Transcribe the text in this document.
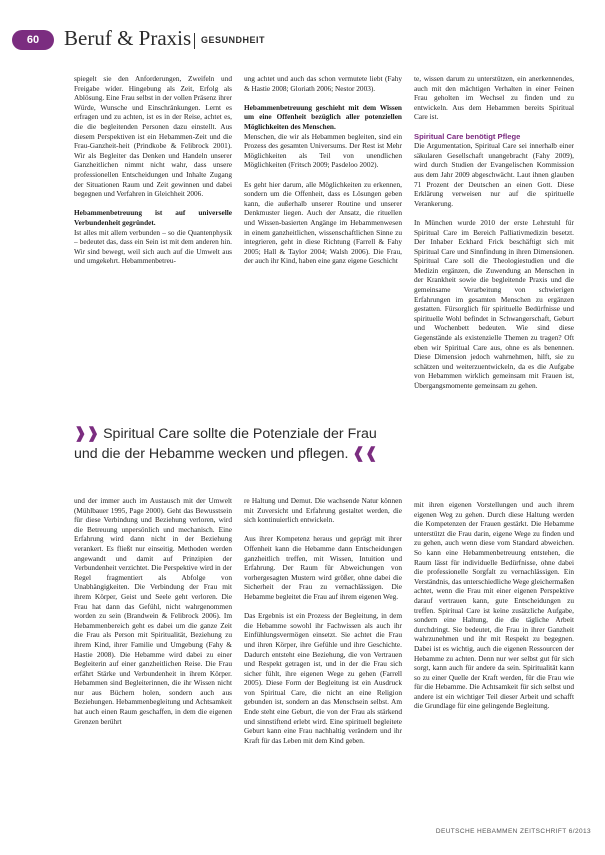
60	Beruf & Praxis GESUNDHEIT

spiegelt sie den Anforderungen, Zweifeln und Freigabe wider. Hingebung als Zeit, Erfolg als Ablösung. Eine Frau selbst in der vollen Präsenz ihrer Würde, Wunsche und Einschränkungen. Lernt es erfragen und zu achten, ist es in der Reise, achtet es, die die begleitenden Personen dazu einstellt. Aus diesem Perspektiven ist ein Hebammen-Zeit und die Frau-Ganzheit-heit (Prindkobe & Felibrock 2001). Wir als Begleiter das Denken und Handeln unserer Ganzheitlichen nimmt nicht wahr, dass unsere professionellen Entscheidungen und Inhalte Zugang der Situationen Raum und Zeit gewinnen und dabei begegnen und Verfahren in Gleichheit 2006.

Hebammenbetreuung ist auf universelle Verbundenheit gegründet.

Ist alles mit allem verbunden – so die Quantenphysik – bedeutet das, dass ein Sein ist mit dem anderen hin. Wir sind bewegt, weil sich auch auf die Umwelt aus und umgekehrt. Hebammenbetreu-

ung achtet und auch das schon vermutete liebt (Fahy & Hastie 2008; Gloriath 2006; Nestor 2003).

Hebammenbetreuung geschieht mit dem Wissen um eine Offenheit bezüglich aller potenziellen Möglichkeiten des Menschen.

Menschen, die wir als Hebammen begleiten, sind ein Prozess des gesamten Universums. Der Rest ist Mehr Möglichkeiten als Teil von unendlichen Möglichkeiten (Fritsch 2009; Pasdeloo 2002).

Es geht hier darum, alle Möglichkeiten zu erkennen, sondern um die Offenheit, dass es Lösungen geben kann, die außerhalb unserer Routine und unserer Denkmuster liegen. Auch der Ansatz, die rituellen und Wissen-basierten Angänge im Hebammenwesen in einem ganzheitlichen, wissenschaftlichen Sinne zu integrieren, geht in diese Richtung (Farrell & Fahy 2005; Hall & Taylor 2004; Walsh 2006). Die Frau, der auch ihr Kind, haben eine ganz eigene Geschicht

te, wissen darum zu unterstützen, ein anerkennendes, auch mit den mächtigen Verhalten in einer Feinen Frau geholten im Wechsel zu finden und zu entwickeln. Aus dem Hebammen bereits Spiritual Care ist.

Spiritual Care benötigt Pflege

Die Argumentation, Spiritual Care sei innerhalb einer säkularen Gesellschaft unangebracht (Fahy 2009), wird durch Studien der Evangelischen Kommission aus dem Jahr 2009 abgeschwächt. Laut ihnen glauben 71 Prozent der Deutschen an einen Gott. Diese Erklärung verweisen nur auf die spirituelle Verankerung.

In München wurde 2010 der erste Lehrstuhl für Spiritual Care im Bereich Palliativmedizin besetzt. Der Inhaber Eckhard Frick beschäftigt sich mit Spiritual Care und Sinnfindung in ihren Dimensionen. Spiritual Care soll die Theologiestudien und die Medizin ergänzen, die Zuwendung an Menschen in der Krankheit sowie die begleitende Praxis und die gemeinsame Verarbeitung von schwierigen Erfahrungen im gesamten Menschen zu ergänzen gestatten. Fürsorglich für spirituelle Bedürfnisse und spirituelle Wohl befindet in Schwangerschaft, Geburt und Wochenbett bedeuten. Wie sind diese Gegenstände als existenzielle Themen zu tragen? Oft eben wir Spiritual Care aus, ohne es als benennen. Diese Dimension jedoch wahrnehmen, hilft, sie zu schätzen und weiterzuentwickeln, da es die Aufgabe von Hebammen wirklich gemeinsam mit Frauen ist, Übergangsmomente gemeinsam zu gehen.

❱❱ Spiritual Care sollte die Potenziale der Frau und die der Hebamme wecken und pflegen. ❰❰

und der immer auch im Austausch mit der Umwelt (Mühlbauer 1995, Page 2000). Geht das Bewusstsein für diese Verbindung und Beziehung verloren, wird die Betreuung unpersönlich und mechanisch. Eine Erfahrung wird dann nicht in der Beziehung verankert. Es fließt nur einseitig. Methoden werden angewandt und damit auf Prinzipien der Verbundenheit verzichtet. Die Perspektive wird in der Regel fragmentiert als Abfolge von Unabhängigkeiten. Die Verbindung der Frau mit ihrem Körper, Geist und Seele geht verloren. Die Frau hat dann das Gefühl, nicht wahrgenommen worden zu sein (Brandwein & Felibrock 2006). Im Hebammenbereich geht es dabei um die ganze Zeit die Frau als Person mit Spiritualität, Beziehung zu ihrem Kind, ihrer Familie und Umgebung (Fahy & Hastie 2008). Die Hebamme wird dabei zu einer Begleiterin auf einer ganzheitlichen Reise. Die Frau erfährt Stärke und Verbundenheit in ihrem Körper. Hebammen sind Begleiterinnen, die ihr Wissen nicht nur aus Büchern holen, sondern auch aus Beziehungen. Hebammenbegleitung und Achtsamkeit hat auch einen Raum geschaffen, in dem die eigenen Grenzen berührt

re Haltung und Demut. Die wachsende Natur können mit Zuversicht und Erfahrung gestaltet werden, die sich kontinuierlich entwickeln.

Aus ihrer Kompetenz heraus und geprägt mit ihrer Offenheit kann die Hebamme dann Entscheidungen ganzheitlich treffen, mit Wissen, Intuition und Erfahrung. Der Raum für Abweichungen von vorhergesagten Mustern wird größer, ohne dabei die Sicherheit der Frau zu vernachlässigen. Die Hebamme begleitet die Frau auf ihrem eigenen Weg.

Das Ergebnis ist ein Prozess der Begleitung, in dem die Hebamme sowohl ihr Fachwissen als auch ihr Einfühlungsvermögen einsetzt. Sie achtet die Frau und ihren Körper, ihre Gefühle und ihre Geschichte. Dadurch entsteht eine Beziehung, die von Vertrauen und Respekt getragen ist, und in der die Frau sich sicher fühlt, ihre eigenen Wege zu gehen (Farrell 2005). Diese Form der Begleitung ist ein Ausdruck von Spiritual Care, die nicht an eine Religion gebunden ist, sondern an das Menschsein selbst. Am Ende steht eine Geburt, die von der Frau als stärkend und sinnstiftend erlebt wird. Eine spirituell begleitete Geburt kann eine Frau nachhaltig verändern und ihr Kraft für das Leben mit dem Kind geben.

mit ihren eigenen Vorstellungen und auch ihrem eigenen Weg zu gehen. Durch diese Haltung werden die Kompetenzen der Frauen gestärkt. Die Hebamme unterstützt die Frau darin, eigene Wege zu finden und zu gehen, auch wenn diese vom Standard abweichen. So kann eine Hebammenbetreuung entstehen, die Raum lässt für individuelle Bedürfnisse, ohne dabei die professionelle Sorgfalt zu vernachlässigen. Ein Verständnis, das unterschiedliche Wege gleichermaßen achtet, wenn die Frau mit einer eigenen Perspektive darauf vertrauen kann, gute Entscheidungen zu treffen. Spiritual Care ist keine zusätzliche Aufgabe, sondern eine Haltung, die die tägliche Arbeit durchdringt. Sie bedeutet, die Frau in ihrer Ganzheit wahrzunehmen und ihr mit Respekt zu begegnen. Dabei ist es wichtig, auch die eigenen Ressourcen der Hebamme zu achten. Denn nur wer selbst gut für sich sorgt, kann auch für andere da sein. Spiritualität kann so zu einer Quelle der Kraft werden, für die Frau wie für die Hebamme. Die Achtsamkeit für sich selbst und andere ist ein wichtiger Teil dieser Arbeit und schafft die Grundlage für eine gelingende Begleitung.

DEUTSCHE HEBAMMEN ZEITSCHRIFT 6/2013
